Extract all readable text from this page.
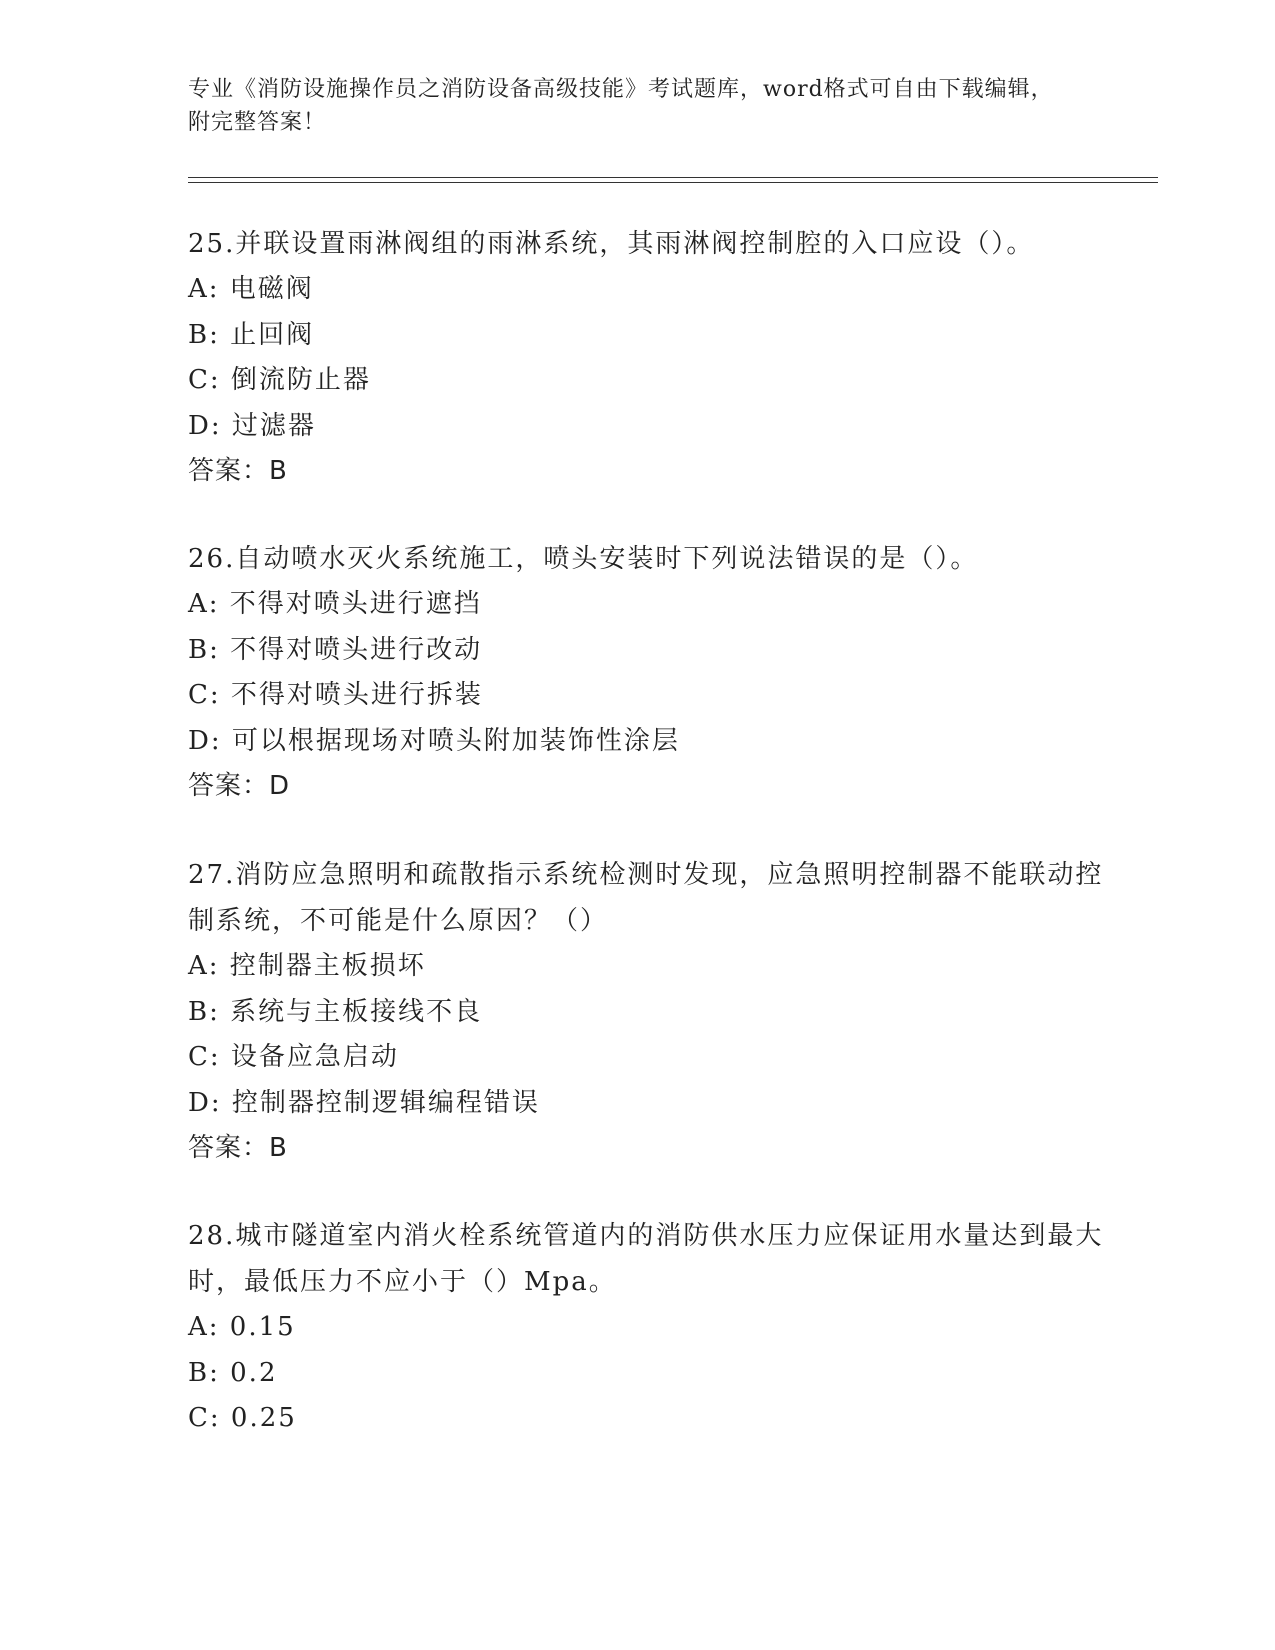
专业《消防设施操作员之消防设备高级技能》考试题库，word格式可自由下载编辑，附完整答案！
25.并联设置雨淋阀组的雨淋系统，其雨淋阀控制腔的入口应设（）。
A: 电磁阀
B: 止回阀
C: 倒流防止器
D: 过滤器
答案：B
26.自动喷水灭火系统施工，喷头安装时下列说法错误的是（）。
A: 不得对喷头进行遮挡
B: 不得对喷头进行改动
C: 不得对喷头进行拆装
D: 可以根据现场对喷头附加装饰性涂层
答案：D
27.消防应急照明和疏散指示系统检测时发现，应急照明控制器不能联动控制系统，不可能是什么原因？（）
A: 控制器主板损坏
B: 系统与主板接线不良
C: 设备应急启动
D: 控制器控制逻辑编程错误
答案：B
28.城市隧道室内消火栓系统管道内的消防供水压力应保证用水量达到最大时，最低压力不应小于（）Mpa。
A: 0.15
B: 0.2
C: 0.25
